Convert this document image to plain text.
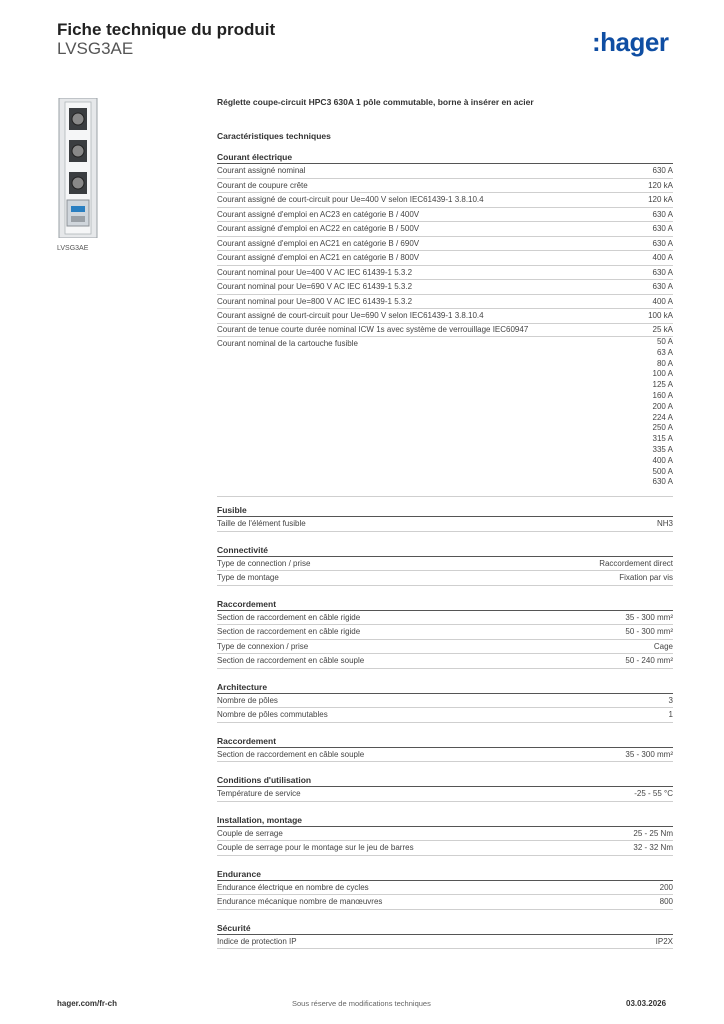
Fiche technique du produit
LVSG3AE	:hager
LVSG3AE
Réglette coupe-circuit HPC3 630A 1 pôle commutable, borne à insérer en acier
Caractéristiques techniques
Courant électrique
Courant assigné nominal	630 A
Courant de coupure crête	120 kA
Courant assigné de court-circuit pour Ue=400 V selon IEC61439-1 3.8.10.4	120 kA
Courant assigné d'emploi en AC23 en catégorie B / 400V	630 A
Courant assigné d'emploi en AC22 en catégorie B / 500V	630 A
Courant assigné d'emploi en AC21 en catégorie B / 690V	630 A
Courant assigné d'emploi en AC21 en catégorie B / 800V	400 A
Courant nominal pour Ue=400 V AC IEC 61439-1 5.3.2	630 A
Courant nominal pour Ue=690 V AC IEC 61439-1 5.3.2	630 A
Courant nominal pour Ue=800 V AC IEC 61439-1 5.3.2	400 A
Courant assigné de court-circuit pour Ue=690 V selon IEC61439-1 3.8.10.4	100 kA
Courant de tenue courte durée nominal ICW 1s avec système de verrouillage IEC60947	25 kA
Courant nominal de la cartouche fusible	50 A
63 A
80 A
100 A
125 A
160 A
200 A
224 A
250 A
315 A
335 A
400 A
500 A
630 A
Fusible
Taille de l'élément fusible	NH3
Connectivité
Type de connection / prise	Raccordement direct
Type de montage	Fixation par vis
Raccordement
Section de raccordement en câble rigide	35 - 300 mm²
Section de raccordement en câble rigide	50 - 300 mm²
Type de connexion / prise	Cage
Section de raccordement en câble souple	50 - 240 mm²
Architecture
Nombre de pôles	3
Nombre de pôles commutables	1
Raccordement
Section de raccordement en câble souple	35 - 300 mm²
Conditions d'utilisation
Température de service	-25 - 55 °C
Installation, montage
Couple de serrage	25 - 25 Nm
Couple de serrage pour le montage sur le jeu de barres	32 - 32 Nm
Endurance
Endurance électrique en nombre de cycles	200
Endurance mécanique nombre de manœuvres	800
Sécurité
Indice de protection IP	IP2X
hager.com/fr-ch	Sous réserve de modifications techniques	03.03.2026
